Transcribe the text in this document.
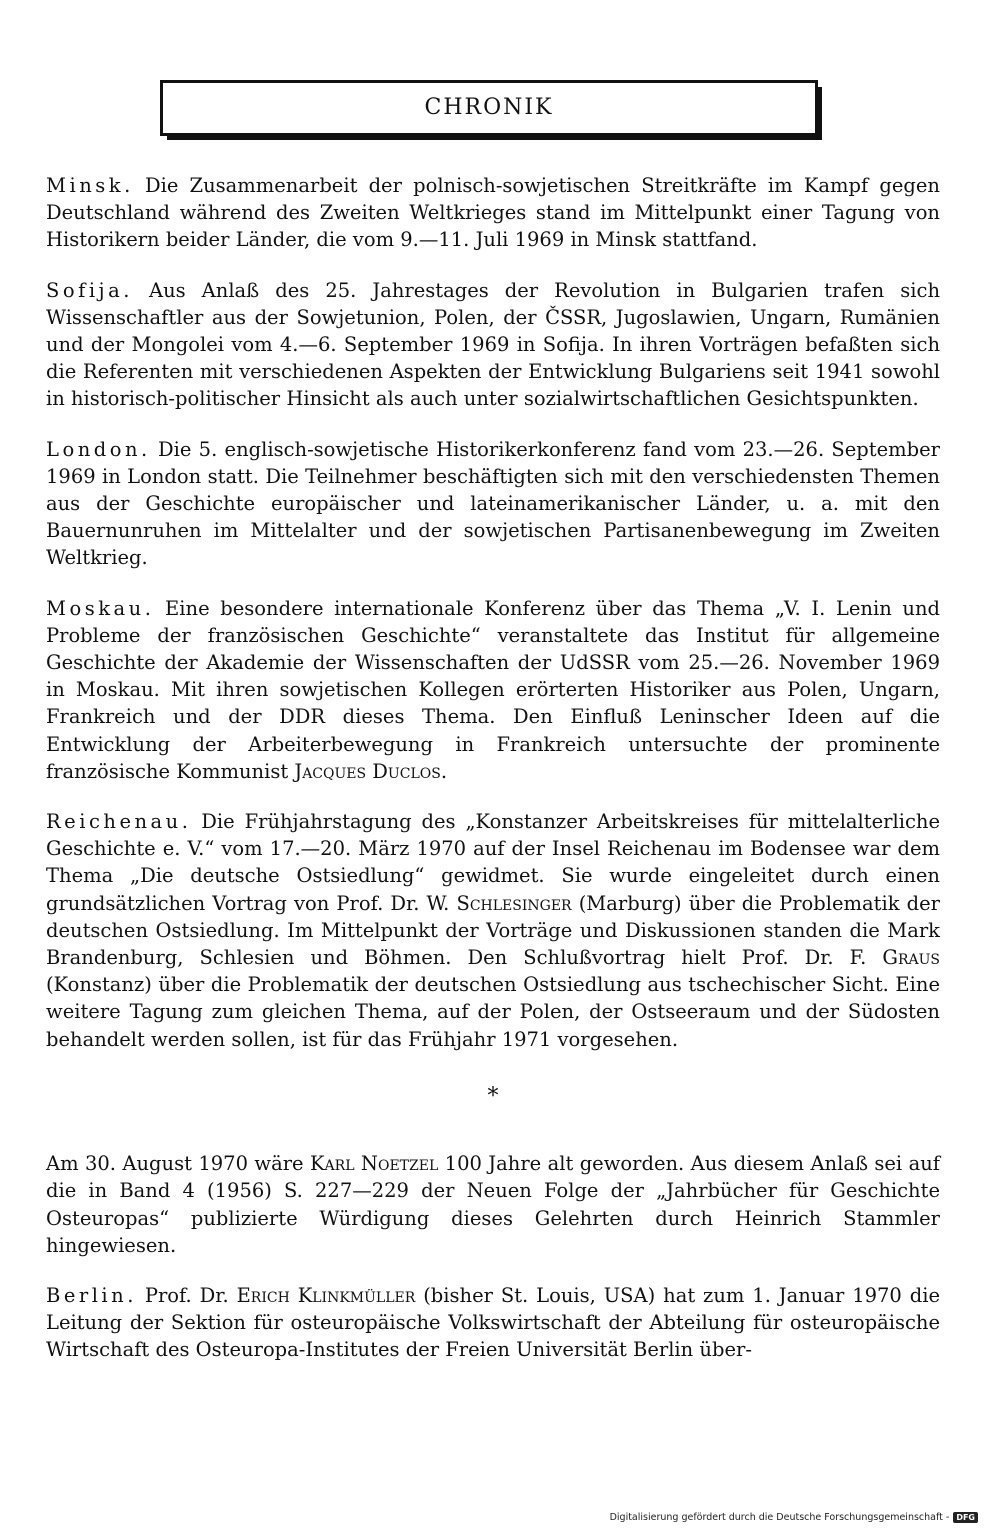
CHRONIK

Minsk. Die Zusammenarbeit der polnisch-sowjetischen Streitkräfte im Kampf gegen Deutschland während des Zweiten Weltkrieges stand im Mittelpunkt einer Tagung von Historikern beider Länder, die vom 9.—11. Juli 1969 in Minsk stattfand.

Sofija. Aus Anlaß des 25. Jahrestages der Revolution in Bulgarien trafen sich Wissenschaftler aus der Sowjetunion, Polen, der ČSSR, Jugoslawien, Ungarn, Rumänien und der Mongolei vom 4.—6. September 1969 in Sofija. In ihren Vorträgen befaßten sich die Referenten mit verschiedenen Aspekten der Entwicklung Bulgariens seit 1941 sowohl in historisch-politischer Hinsicht als auch unter sozialwirtschaftlichen Gesichtspunkten.

London. Die 5. englisch-sowjetische Historikerkonferenz fand vom 23.—26. September 1969 in London statt. Die Teilnehmer beschäftigten sich mit den verschiedensten Themen aus der Geschichte europäischer und lateinamerikanischer Länder, u. a. mit den Bauernunruhen im Mittelalter und der sowjetischen Partisanenbewegung im Zweiten Weltkrieg.

Moskau. Eine besondere internationale Konferenz über das Thema „V. I. Lenin und Probleme der französischen Geschichte“ veranstaltete das Institut für allgemeine Geschichte der Akademie der Wissenschaften der UdSSR vom 25.—26. November 1969 in Moskau. Mit ihren sowjetischen Kollegen erörterten Historiker aus Polen, Ungarn, Frankreich und der DDR dieses Thema. Den Einfluß Leninscher Ideen auf die Entwicklung der Arbeiterbewegung in Frankreich untersuchte der prominente französische Kommunist Jacques Duclos.

Reichenau. Die Frühjahrstagung des „Konstanzer Arbeitskreises für mittelalterliche Geschichte e. V.“ vom 17.—20. März 1970 auf der Insel Reichenau im Bodensee war dem Thema „Die deutsche Ostsiedlung“ gewidmet. Sie wurde eingeleitet durch einen grundsätzlichen Vortrag von Prof. Dr. W. Schlesinger (Marburg) über die Problematik der deutschen Ostsiedlung. Im Mittelpunkt der Vorträge und Diskussionen standen die Mark Brandenburg, Schlesien und Böhmen. Den Schlußvortrag hielt Prof. Dr. F. Graus (Konstanz) über die Problematik der deutschen Ostsiedlung aus tschechischer Sicht. Eine weitere Tagung zum gleichen Thema, auf der Polen, der Ostseeraum und der Südosten behandelt werden sollen, ist für das Frühjahr 1971 vorgesehen.

*

Am 30. August 1970 wäre Karl Noetzel 100 Jahre alt geworden. Aus diesem Anlaß sei auf die in Band 4 (1956) S. 227—229 der Neuen Folge der „Jahrbücher für Geschichte Osteuropas“ publizierte Würdigung dieses Gelehrten durch Heinrich Stammler hingewiesen.

Berlin. Prof. Dr. Erich Klinkmüller (bisher St. Louis, USA) hat zum 1. Januar 1970 die Leitung der Sektion für osteuropäische Volkswirtschaft der Abteilung für osteuropäische Wirtschaft des Osteuropa-Institutes der Freien Universität Berlin über-

Digitalisierung gefördert durch die Deutsche Forschungsgemeinschaft - DFG
